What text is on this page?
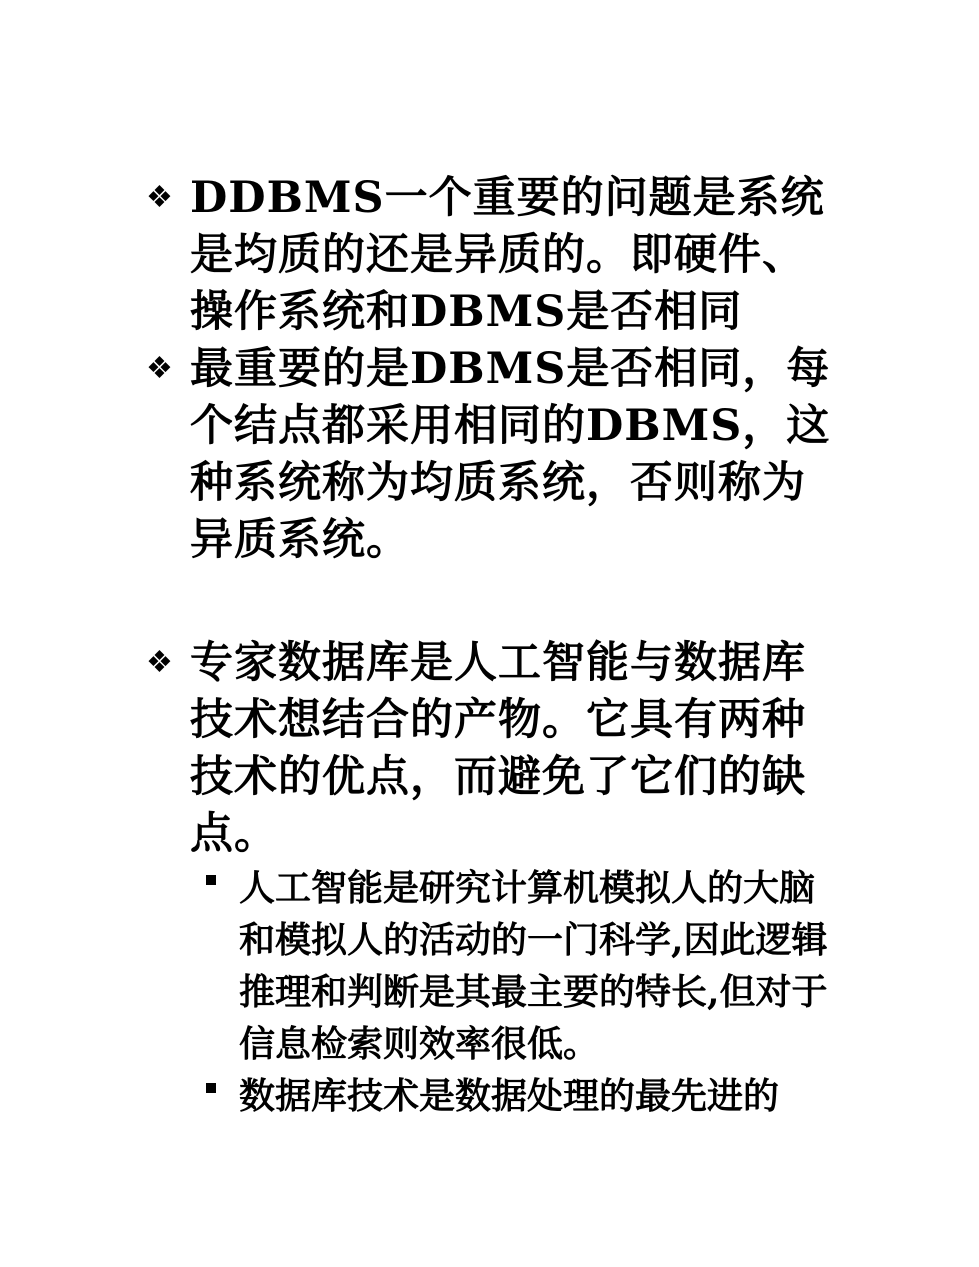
❖ DDBMS一个重要的问题是系统是均质的还是异质的。即硬件、操作系统和DBMS是否相同
❖ 最重要的是DBMS是否相同，每个结点都采用相同的DBMS，这种系统称为均质系统，否则称为异质系统。
❖ 专家数据库是人工智能与数据库技术想结合的产物。它具有两种技术的优点，而避免了它们的缺点。
人工智能是研究计算机模拟人的大脑和模拟人的活动的一门科学,因此逻辑推理和判断是其最主要的特长,但对于信息检索则效率很低。
数据库技术是数据处理的最先进的
